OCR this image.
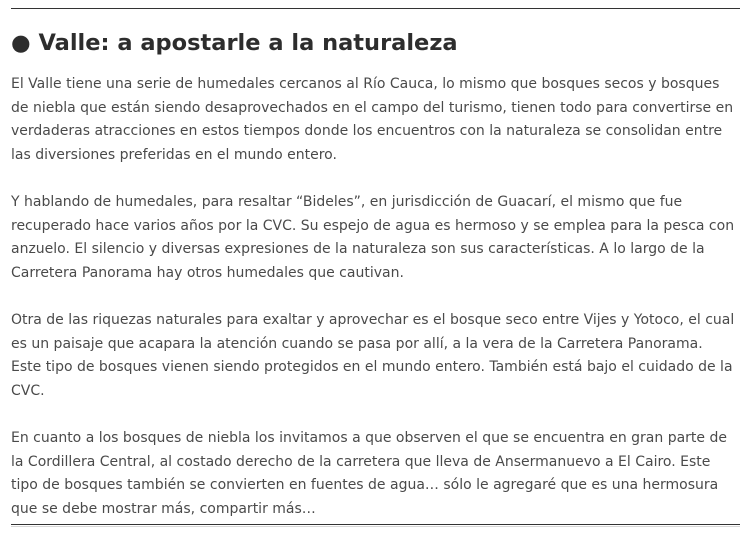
● Valle: a apostarle a la naturaleza

El Valle tiene una serie de humedales cercanos al Río Cauca, lo mismo que bosques secos y bosques de niebla que están siendo desaprovechados en el campo del turismo, tienen todo para convertirse en verdaderas atracciones en estos tiempos donde los encuentros con la naturaleza se consolidan entre las diversiones preferidas en el mundo entero.

Y hablando de humedales, para resaltar “Bideles”, en jurisdicción de Guacarí, el mismo que fue recuperado hace varios años por la CVC. Su espejo de agua es hermoso y se emplea para la pesca con anzuelo. El silencio y diversas expresiones de la naturaleza son sus características. A lo largo de la Carretera Panorama hay otros humedales que cautivan.

Otra de las riquezas naturales para exaltar y aprovechar es el bosque seco entre Vijes y Yotoco, el cual es un paisaje que acapara la atención cuando se pasa por allí, a la vera de la Carretera Panorama. Este tipo de bosques vienen siendo protegidos en el mundo entero. También está bajo el cuidado de la CVC.

En cuanto a los bosques de niebla los invitamos a que observen el que se encuentra en gran parte de la Cordillera Central, al costado derecho de la carretera que lleva de Ansermanuevo a El Cairo. Este tipo de bosques también se convierten en fuentes de agua… sólo le agregaré que es una hermosura que se debe mostrar más, compartir más…
